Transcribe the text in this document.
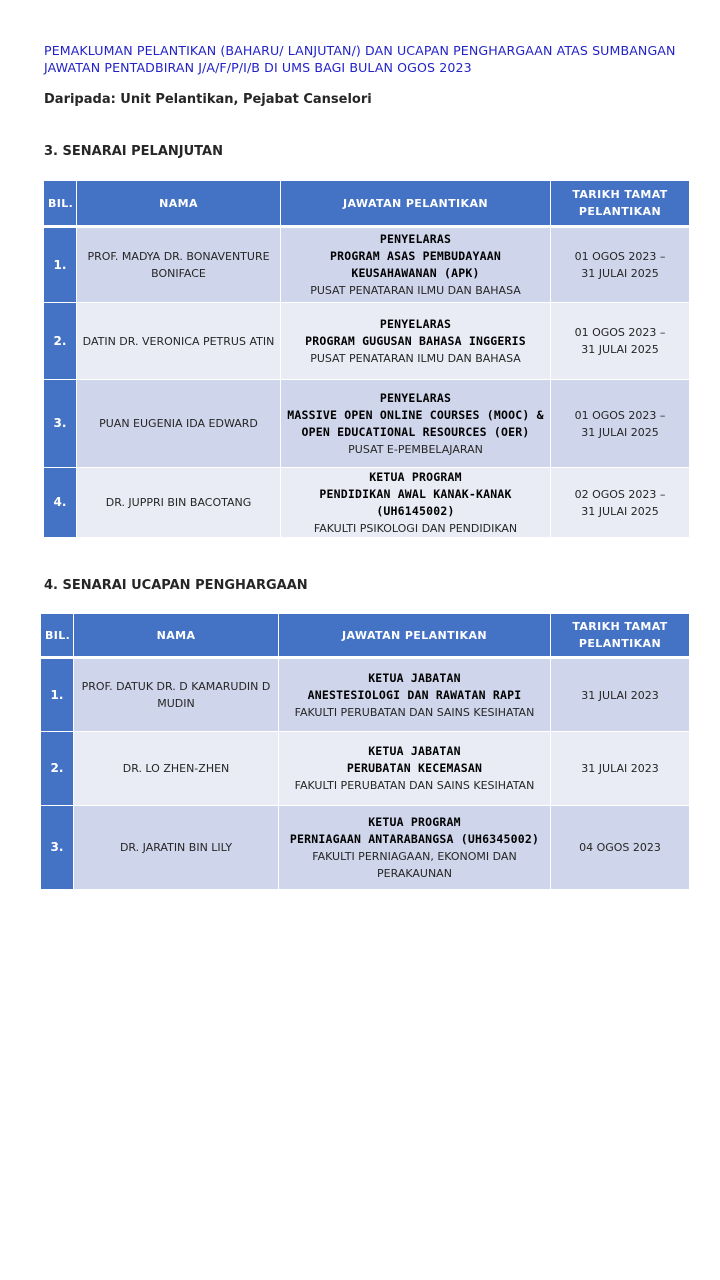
PEMAKLUMAN PELANTIKAN (BAHARU/ LANJUTAN/) DAN UCAPAN PENGHARGAAN ATAS SUMBANGAN JAWATAN PENTADBIRAN J/A/F/P/I/B DI UMS BAGI BULAN OGOS 2023
Daripada: Unit Pelantikan, Pejabat Canselori
3. SENARAI PELANJUTAN
BIL.	NAMA	JAWATAN PELANTIKAN	TARIKH TAMAT PELANTIKAN

1.	PROF. MADYA DR. BONAVENTURE BONIFACE	PENYELARAS
PROGRAM ASAS PEMBUDAYAAN KEUSAHAWANAN (APK)
PUSAT PENATARAN ILMU DAN BAHASA	01 OGOS 2023 –
31 JULAI 2025

2.	DATIN DR. VERONICA PETRUS ATIN	PENYELARAS
PROGRAM GUGUSAN BAHASA INGGERIS
PUSAT PENATARAN ILMU DAN BAHASA	01 OGOS 2023 –
31 JULAI 2025

3.	PUAN EUGENIA IDA EDWARD	PENYELARAS
MASSIVE OPEN ONLINE COURSES (MOOC) & OPEN EDUCATIONAL RESOURCES (OER)
PUSAT E-PEMBELAJARAN	01 OGOS 2023 –
31 JULAI 2025

4.	DR. JUPPRI BIN BACOTANG	KETUA PROGRAM
PENDIDIKAN AWAL KANAK-KANAK (UH6145002)
FAKULTI PSIKOLOGI DAN PENDIDIKAN	02 OGOS 2023 –
31 JULAI 2025
4. SENARAI UCAPAN PENGHARGAAN
BIL.	NAMA	JAWATAN PELANTIKAN	TARIKH TAMAT PELANTIKAN

1.	PROF. DATUK DR. D KAMARUDIN D MUDIN	KETUA JABATAN
ANESTESIOLOGI DAN RAWATAN RAPI
FAKULTI PERUBATAN DAN SAINS KESIHATAN	31 JULAI 2023
2.	DR. LO ZHEN-ZHEN	KETUA JABATAN
PERUBATAN KECEMASAN
FAKULTI PERUBATAN DAN SAINS KESIHATAN	31 JULAI 2023
3.	DR. JARATIN BIN LILY	KETUA PROGRAM
PERNIAGAAN ANTARABANGSA (UH6345002)
FAKULTI PERNIAGAAN, EKONOMI DAN PERAKAUNAN	04 OGOS 2023
